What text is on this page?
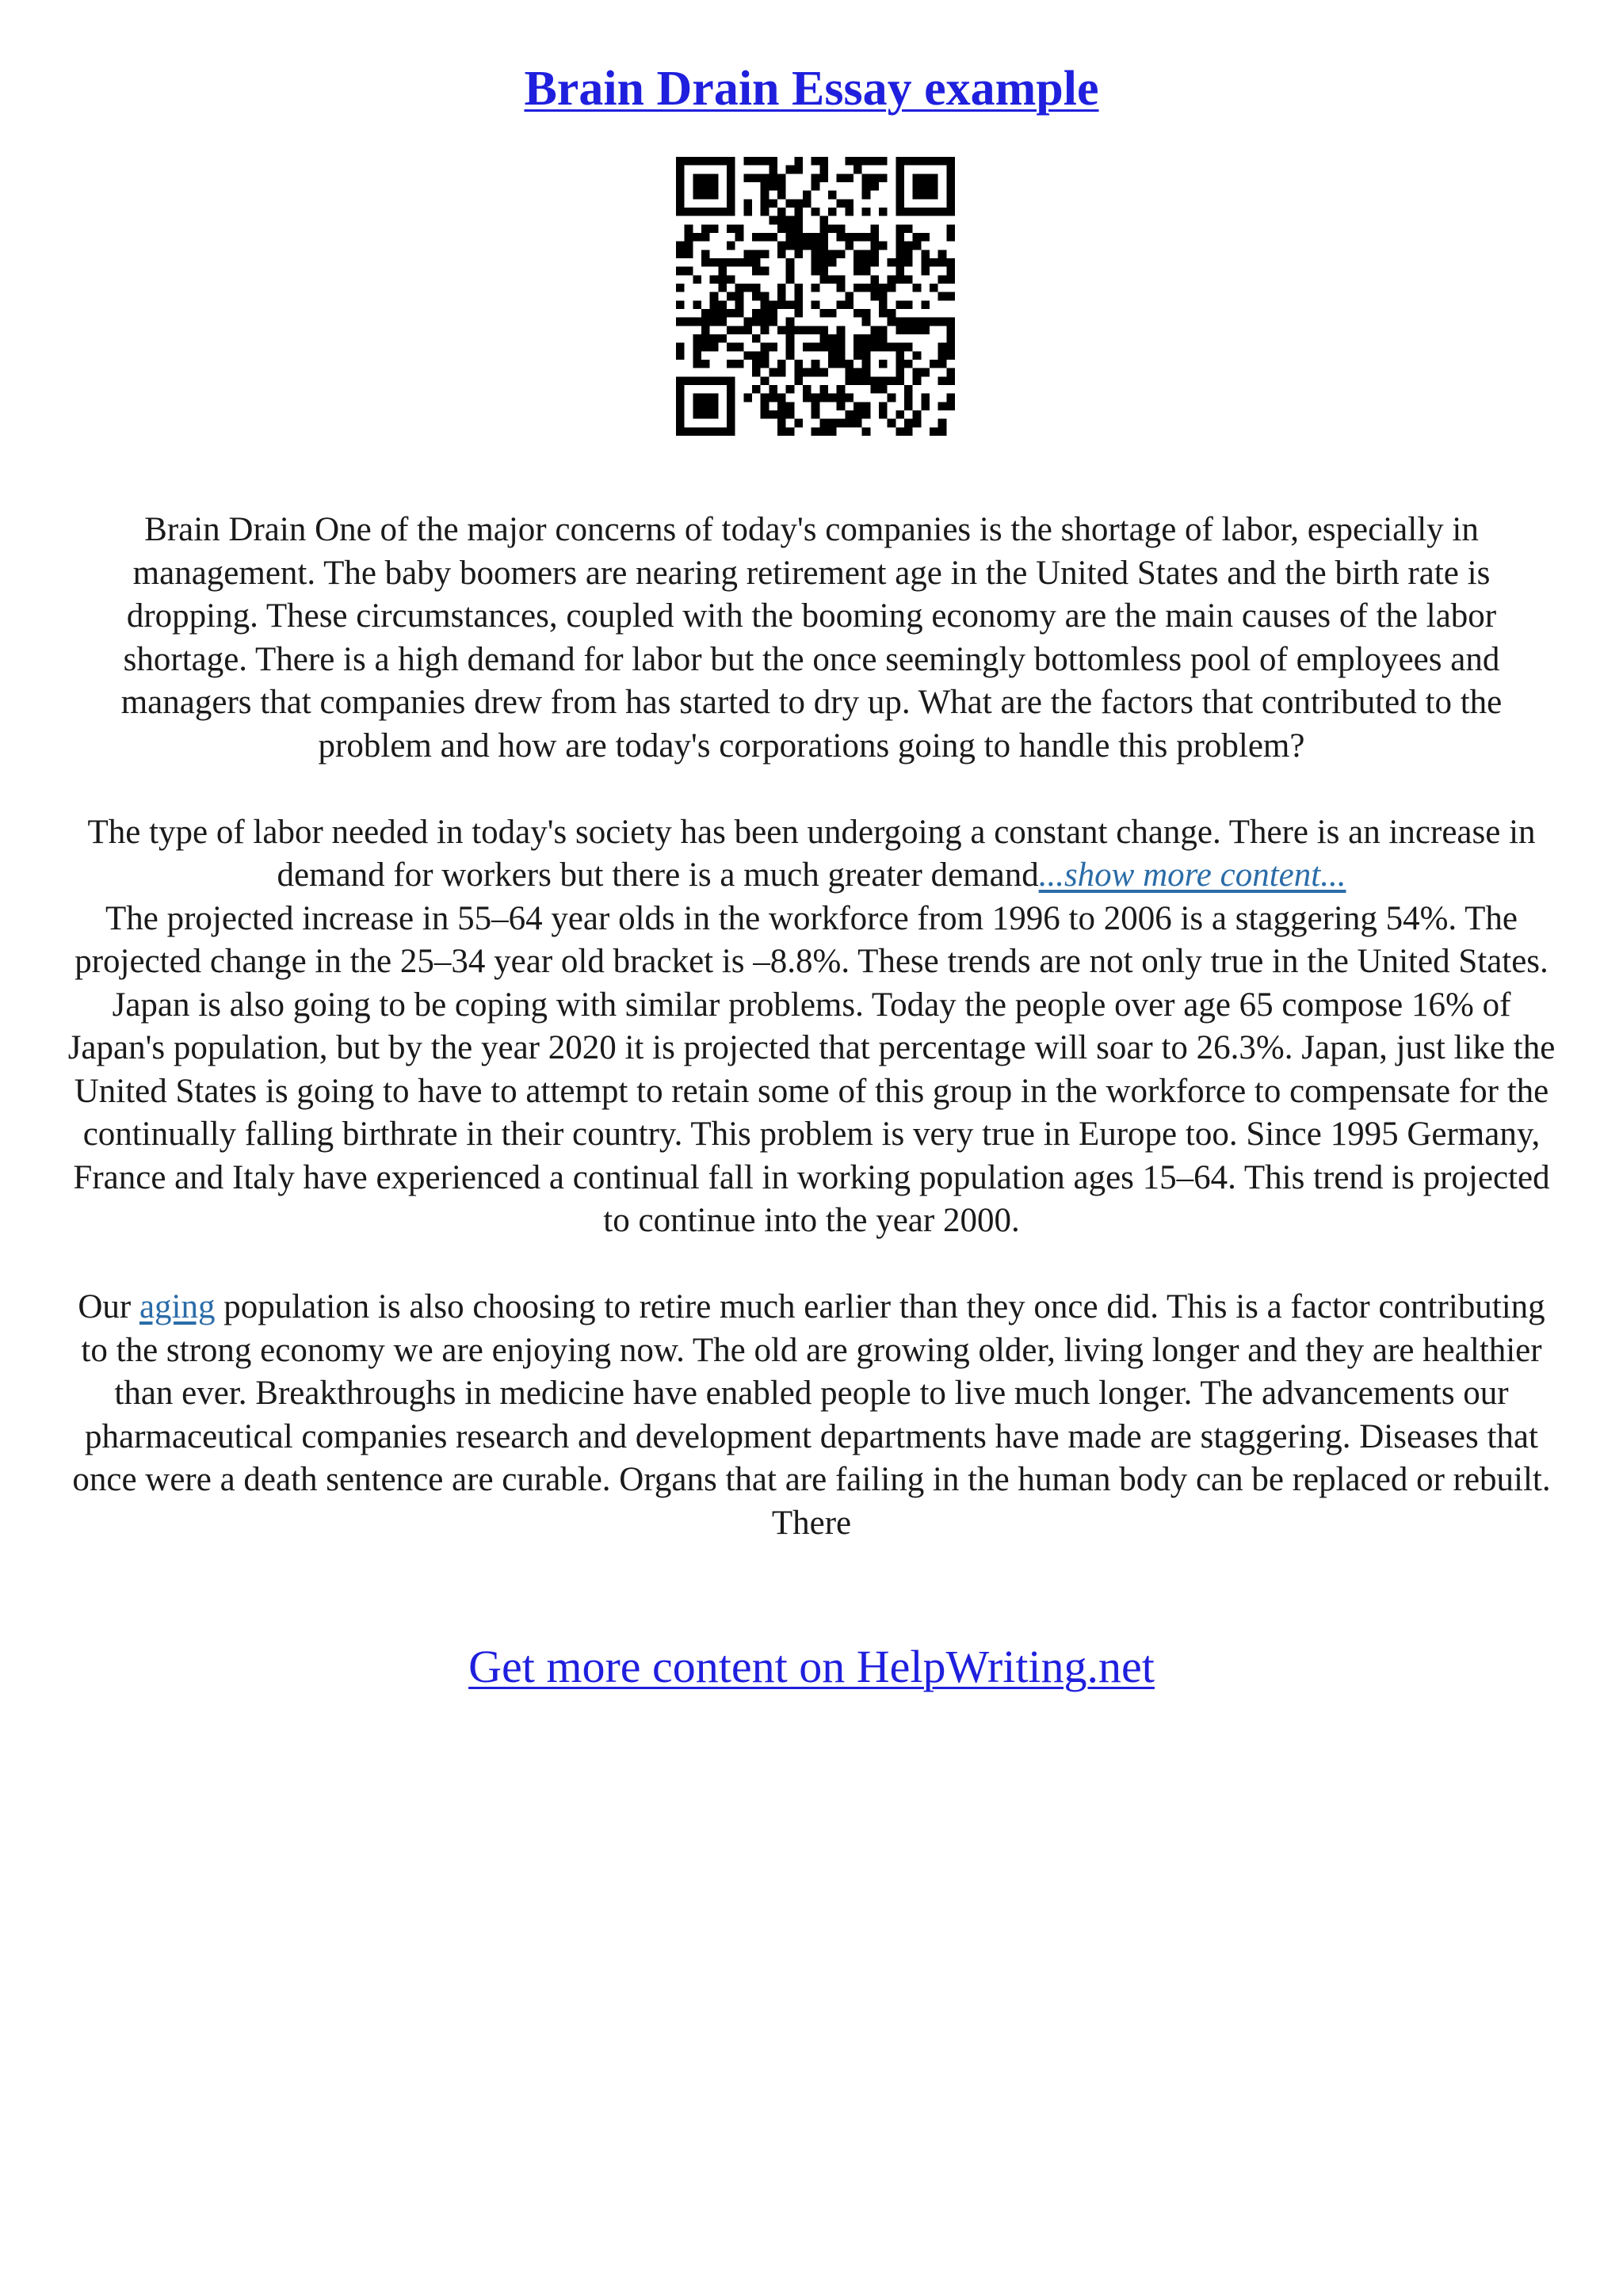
Brain Drain Essay example

Brain Drain One of the major concerns of today's companies is the shortage of labor, especially in management. The baby boomers are nearing retirement age in the United States and the birth rate is dropping. These circumstances, coupled with the booming economy are the main causes of the labor shortage. There is a high demand for labor but the once seemingly bottomless pool of employees and managers that companies drew from has started to dry up. What are the factors that contributed to the problem and how are today's corporations going to handle this problem?

The type of labor needed in today's society has been undergoing a constant change. There is an increase in demand for workers but there is a much greater demand...show more content...
The projected increase in 55–64 year olds in the workforce from 1996 to 2006 is a staggering 54%. The projected change in the 25–34 year old bracket is –8.8%. These trends are not only true in the United States. Japan is also going to be coping with similar problems. Today the people over age 65 compose 16% of Japan's population, but by the year 2020 it is projected that percentage will soar to 26.3%. Japan, just like the United States is going to have to attempt to retain some of this group in the workforce to compensate for the continually falling birthrate in their country. This problem is very true in Europe too. Since 1995 Germany, France and Italy have experienced a continual fall in working population ages 15–64. This trend is projected to continue into the year 2000.

Our aging population is also choosing to retire much earlier than they once did. This is a factor contributing to the strong economy we are enjoying now. The old are growing older, living longer and they are healthier than ever. Breakthroughs in medicine have enabled people to live much longer. The advancements our pharmaceutical companies research and development departments have made are staggering. Diseases that once were a death sentence are curable. Organs that are failing in the human body can be replaced or rebuilt. There

Get more content on HelpWriting.net
